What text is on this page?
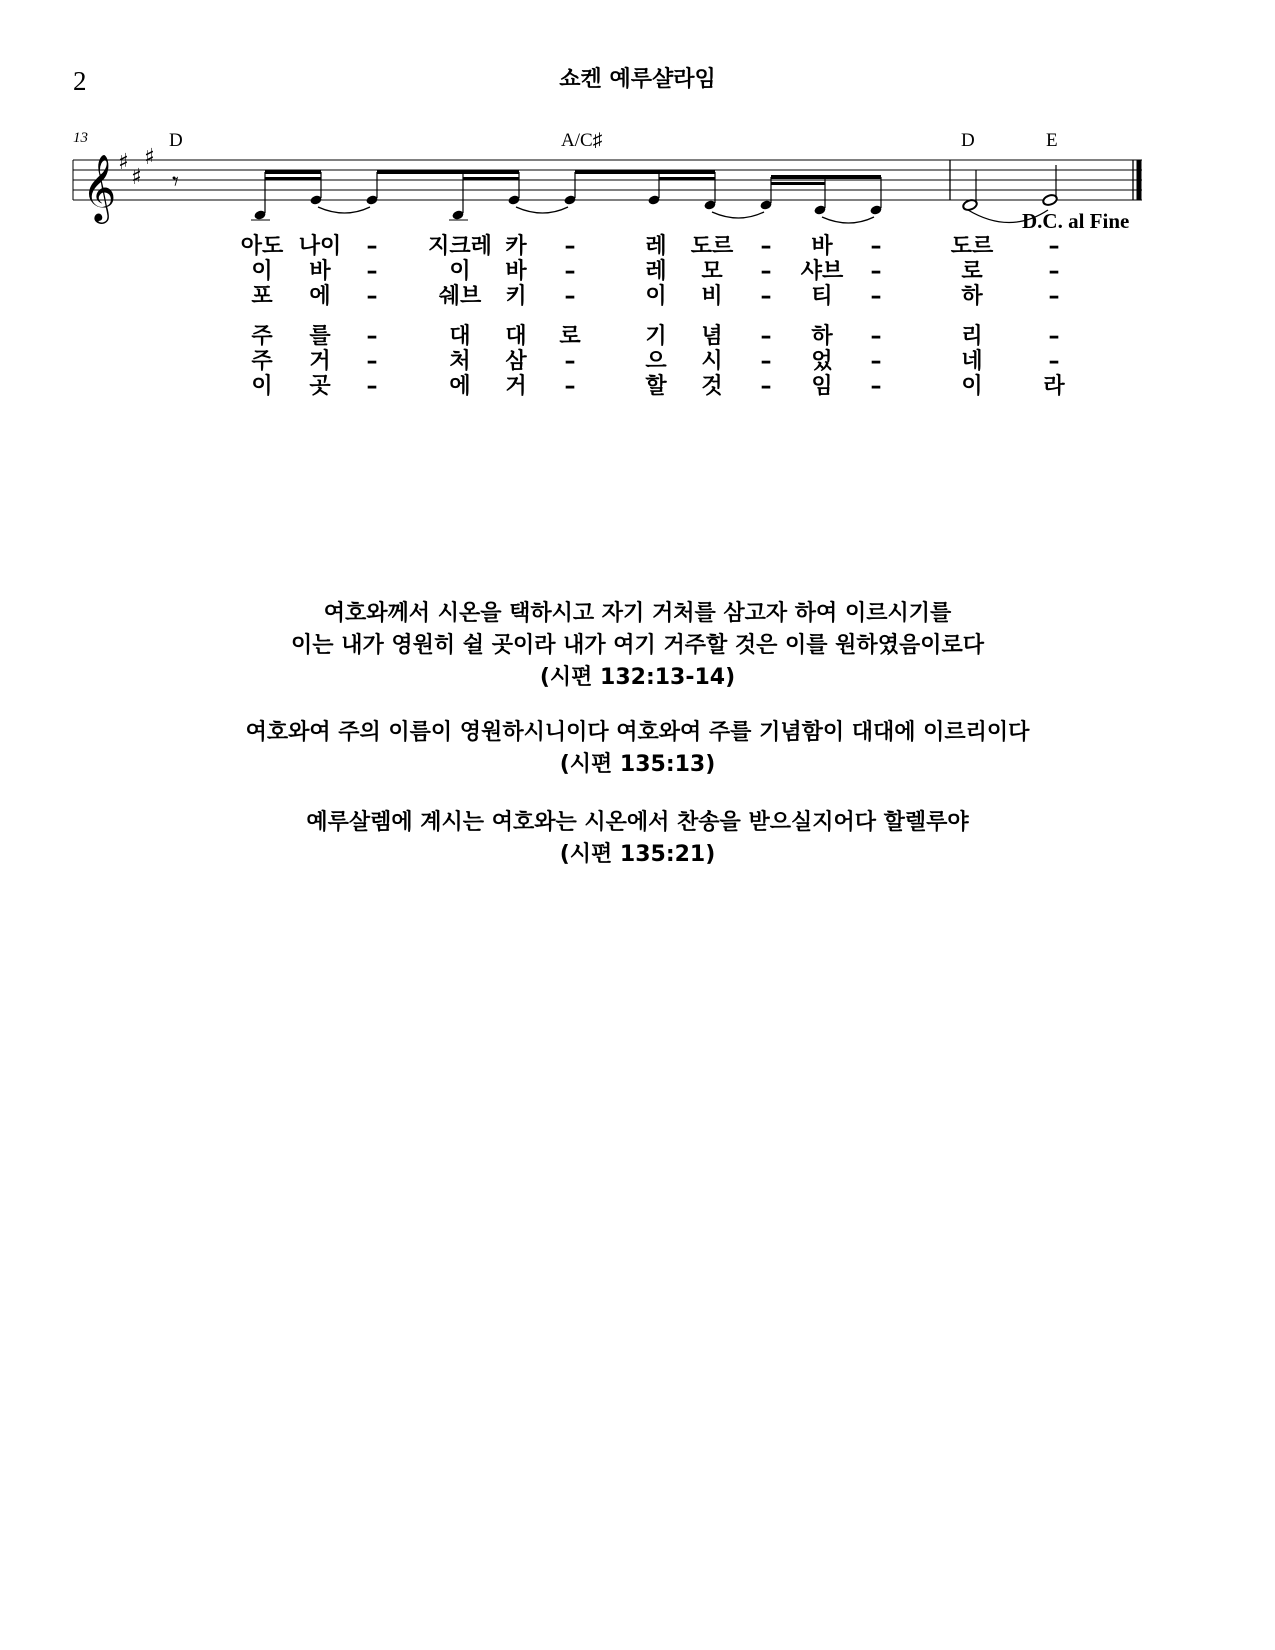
2	쇼켄 예루샬라임
𝄞 ♯
♯
♯
𝄾
13	D	A/C♯	D	E
D.C. al Fine
아도 나이 – 지크레 카 –	레 도르 – 바 –	도르	–
이 바 –	이 바 –	레 모 – 샤브 –	로	–
포 에 –	쉐브 키 –	이 비 – 티 –	하	–
주 를 –	대 대 로	기 념 – 하 –	리	–
주 거 –	처 삼 –	으 시 – 었 –	네	–
이 곳 –	에 거 –	할 것 – 임 –	이	라
여호와께서 시온을 택하시고 자기 거처를 삼고자 하여 이르시기를
이는 내가 영원히 쉴 곳이라 내가 여기 거주할 것은 이를 원하였음이로다
(시편 132:13-14)
여호와여 주의 이름이 영원하시니이다 여호와여 주를 기념함이 대대에 이르리이다
(시편 135:13)
예루살렘에 계시는 여호와는 시온에서 찬송을 받으실지어다 할렐루야
(시편 135:21)
